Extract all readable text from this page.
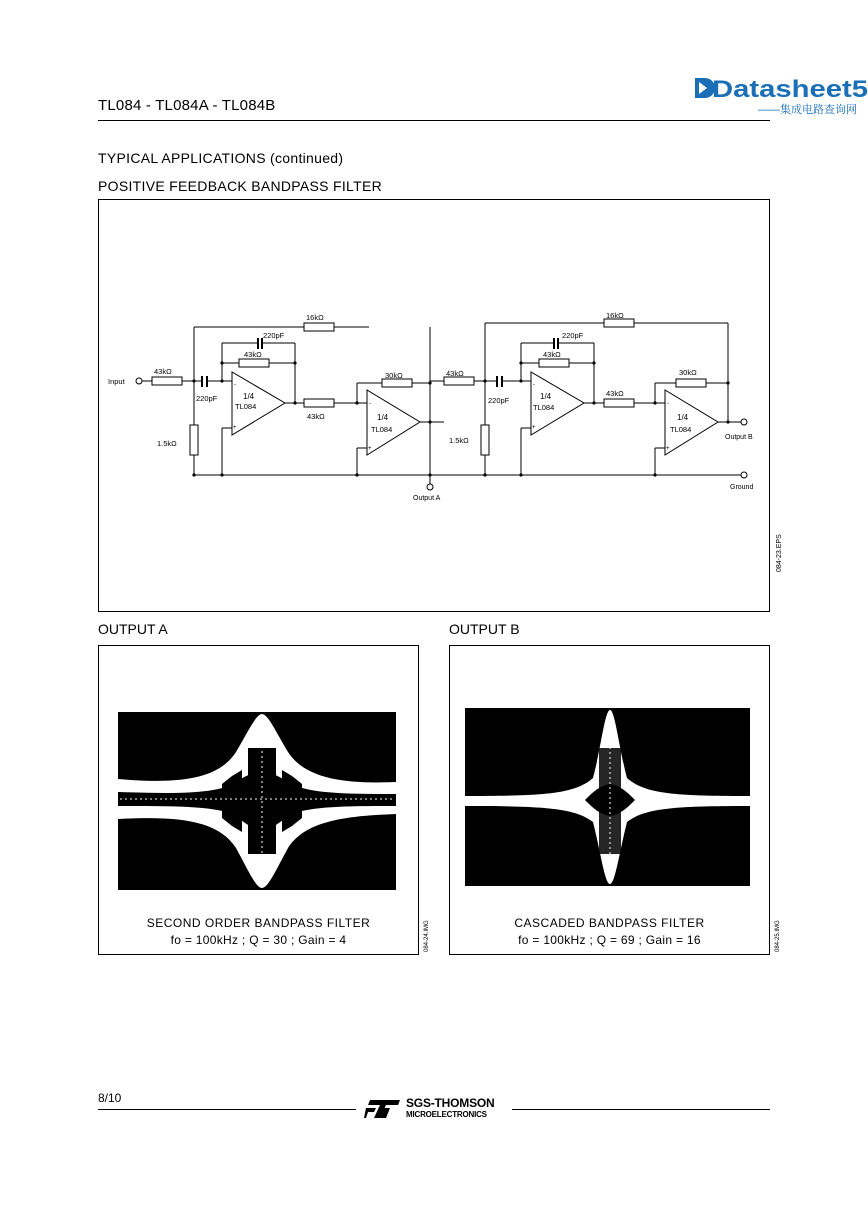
TL084 - TL084A - TL084B
Datasheet5
——集成电路查询网
TYPICAL APPLICATIONS (continued)
POSITIVE FEEDBACK BANDPASS FILTER
Input
43kΩ
220pF
1.5kΩ
-
+
1/4
TL084
220pF
43kΩ
16kΩ
43kΩ
-
+
1/4
TL084
30kΩ
Output A
43kΩ
220pF
1.5kΩ
-
+
1/4
TL084
220pF
43kΩ
16kΩ
43kΩ
-
+
1/4
TL084
30kΩ
Output B
Ground
084-23.EPS
OUTPUT A
SECOND ORDER BANDPASS FILTER
fo = 100kHz ; Q = 30 ; Gain = 4	084-24.IMG
OUTPUT B
CASCADED BANDPASS FILTER
fo = 100kHz ; Q = 69 ; Gain = 16	084-25.IMG
8/10	SGS-THOMSON
MICROELECTRONICS
